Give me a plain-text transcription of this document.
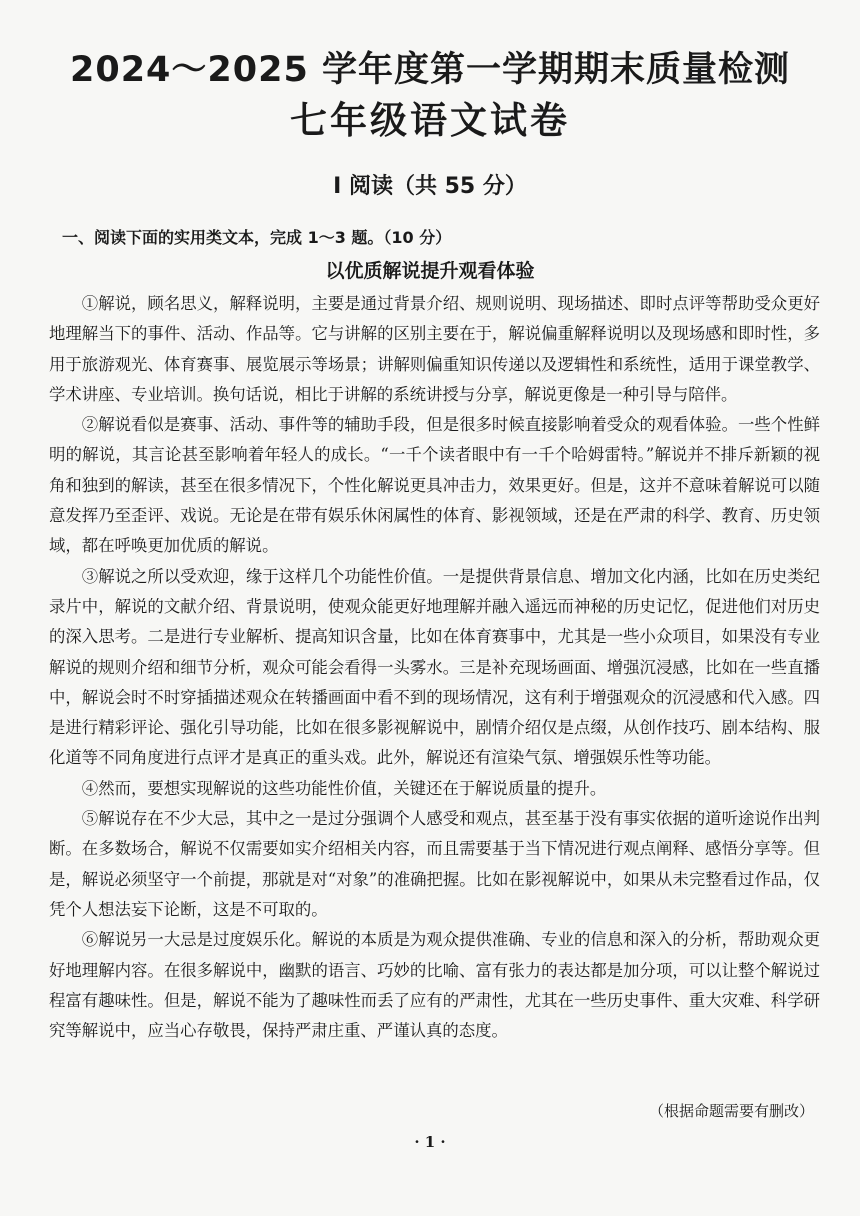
2024～2025 学年度第一学期期末质量检测
七年级语文试卷
Ⅰ 阅读（共 55 分）
一、阅读下面的实用类文本，完成 1～3 题。（10 分）
以优质解说提升观看体验

①解说，顾名思义，解释说明，主要是通过背景介绍、规则说明、现场描述、即时点评等帮助受众更好地理解当下的事件、活动、作品等。它与讲解的区别主要在于，解说偏重解释说明以及现场感和即时性，多用于旅游观光、体育赛事、展览展示等场景；讲解则偏重知识传递以及逻辑性和系统性，适用于课堂教学、学术讲座、专业培训。换句话说，相比于讲解的系统讲授与分享，解说更像是一种引导与陪伴。

②解说看似是赛事、活动、事件等的辅助手段，但是很多时候直接影响着受众的观看体验。一些个性鲜明的解说，其言论甚至影响着年轻人的成长。“一千个读者眼中有一千个哈姆雷特。”解说并不排斥新颖的视角和独到的解读，甚至在很多情况下，个性化解说更具冲击力，效果更好。但是，这并不意味着解说可以随意发挥乃至歪评、戏说。无论是在带有娱乐休闲属性的体育、影视领域，还是在严肃的科学、教育、历史领域，都在呼唤更加优质的解说。

③解说之所以受欢迎，缘于这样几个功能性价值。一是提供背景信息、增加文化内涵，比如在历史类纪录片中，解说的文献介绍、背景说明，使观众能更好地理解并融入遥远而神秘的历史记忆，促进他们对历史的深入思考。二是进行专业解析、提高知识含量，比如在体育赛事中，尤其是一些小众项目，如果没有专业解说的规则介绍和细节分析，观众可能会看得一头雾水。三是补充现场画面、增强沉浸感，比如在一些直播中，解说会时不时穿插描述观众在转播画面中看不到的现场情况，这有利于增强观众的沉浸感和代入感。四是进行精彩评论、强化引导功能，比如在很多影视解说中，剧情介绍仅是点缀，从创作技巧、剧本结构、服化道等不同角度进行点评才是真正的重头戏。此外，解说还有渲染气氛、增强娱乐性等功能。

④然而，要想实现解说的这些功能性价值，关键还在于解说质量的提升。

⑤解说存在不少大忌，其中之一是过分强调个人感受和观点，甚至基于没有事实依据的道听途说作出判断。在多数场合，解说不仅需要如实介绍相关内容，而且需要基于当下情况进行观点阐释、感悟分享等。但是，解说必须坚守一个前提，那就是对“对象”的准确把握。比如在影视解说中，如果从未完整看过作品，仅凭个人想法妄下论断，这是不可取的。

⑥解说另一大忌是过度娱乐化。解说的本质是为观众提供准确、专业的信息和深入的分析，帮助观众更好地理解内容。在很多解说中，幽默的语言、巧妙的比喻、富有张力的表达都是加分项，可以让整个解说过程富有趣味性。但是，解说不能为了趣味性而丢了应有的严肃性，尤其在一些历史事件、重大灾难、科学研究等解说中，应当心存敬畏，保持严肃庄重、严谨认真的态度。

（根据命题需要有删改）
· 1 ·
